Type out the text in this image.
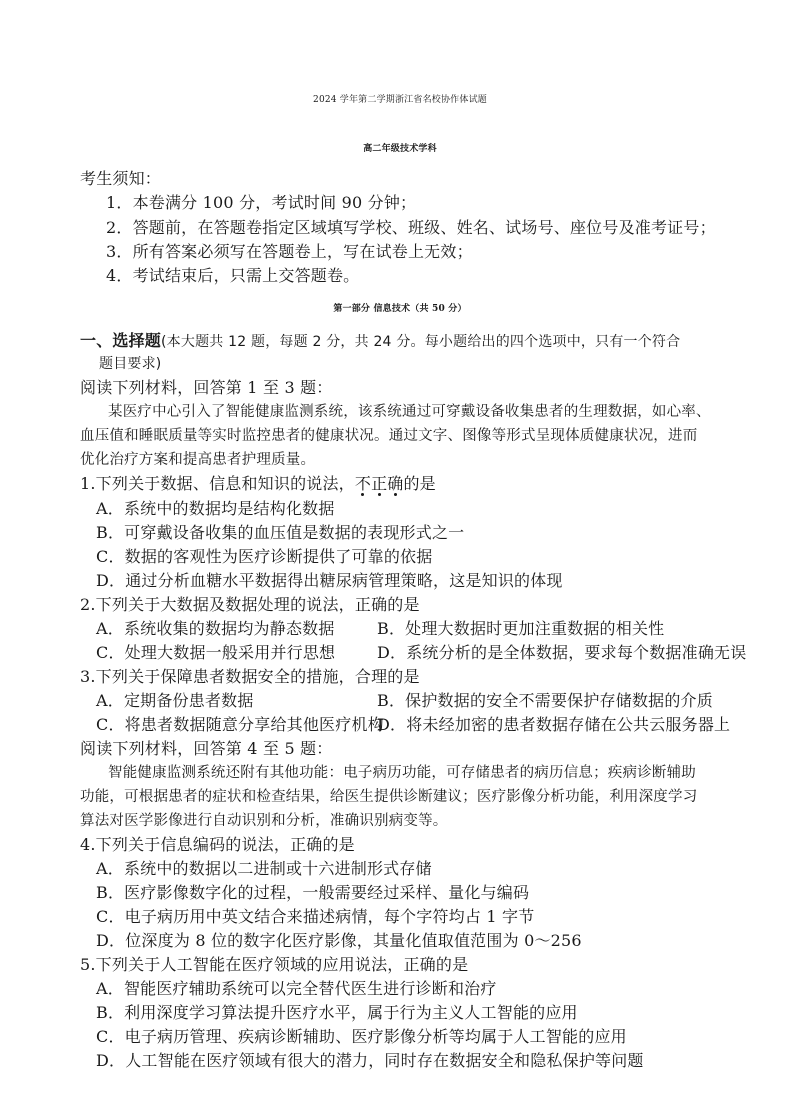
2024 学年第二学期浙江省名校协作体试题
高二年级技术学科
考生须知：
1．本卷满分 100 分，考试时间 90 分钟；
2．答题前，在答题卷指定区域填写学校、班级、姓名、试场号、座位号及准考证号；
3．所有答案必须写在答题卷上，写在试卷上无效；
4．考试结束后，只需上交答题卷。
第一部分 信息技术（共 50 分）
一、选择题(本大题共 12 题，每题 2 分，共 24 分。每小题给出的四个选项中，只有一个符合
题目要求)
阅读下列材料，回答第 1 至 3 题：
某医疗中心引入了智能健康监测系统，该系统通过可穿戴设备收集患者的生理数据，如心率、
血压值和睡眠质量等实时监控患者的健康状况。通过文字、图像等形式呈现体质健康状况，进而
优化治疗方案和提高患者护理质量。
1.下列关于数据、信息和知识的说法，不正确
的是
A．系统中的数据均是结构化数据
B．可穿戴设备收集的血压值是数据的表现形式之一
C．数据的客观性为医疗诊断提供了可靠的依据
D．通过分析血糖水平数据得出糖尿病管理策略，这是知识的体现
2.下列关于大数据及数据处理的说法，正确的是
A．系统收集的数据均为静态数据	B．处理大数据时更加注重数据的相关性
C．处理大数据一般采用并行思想	D．系统分析的是全体数据，要求每个数据准确无误
3.下列关于保障患者数据安全的措施，合理的是
A．定期备份患者数据	B．保护数据的安全不需要保护存储数据的介质
C．将患者数据随意分享给其他医疗机构
D．将未经加密的患者数据存储在公共云服务器上
阅读下列材料，回答第 4 至 5 题：
智能健康监测系统还附有其他功能：电子病历功能，可存储患者的病历信息；疾病诊断辅助
功能，可根据患者的症状和检查结果，给医生提供诊断建议；医疗影像分析功能，利用深度学习
算法对医学影像进行自动识别和分析，准确识别病变等。
4.下列关于信息编码的说法，正确的是
A．系统中的数据以二进制或十六进制形式存储
B．医疗影像数字化的过程，一般需要经过采样、量化与编码
C．电子病历用中英文结合来描述病情，每个字符均占 1 字节
D．位深度为 8 位的数字化医疗影像，其量化值取值范围为 0～256
5.下列关于人工智能在医疗领域的应用说法，正确的是
A．智能医疗辅助系统可以完全替代医生进行诊断和治疗
B．利用深度学习算法提升医疗水平，属于行为主义人工智能的应用
C．电子病历管理、疾病诊断辅助、医疗影像分析等均属于人工智能的应用
D．人工智能在医疗领域有很大的潜力，同时存在数据安全和隐私保护等问题
